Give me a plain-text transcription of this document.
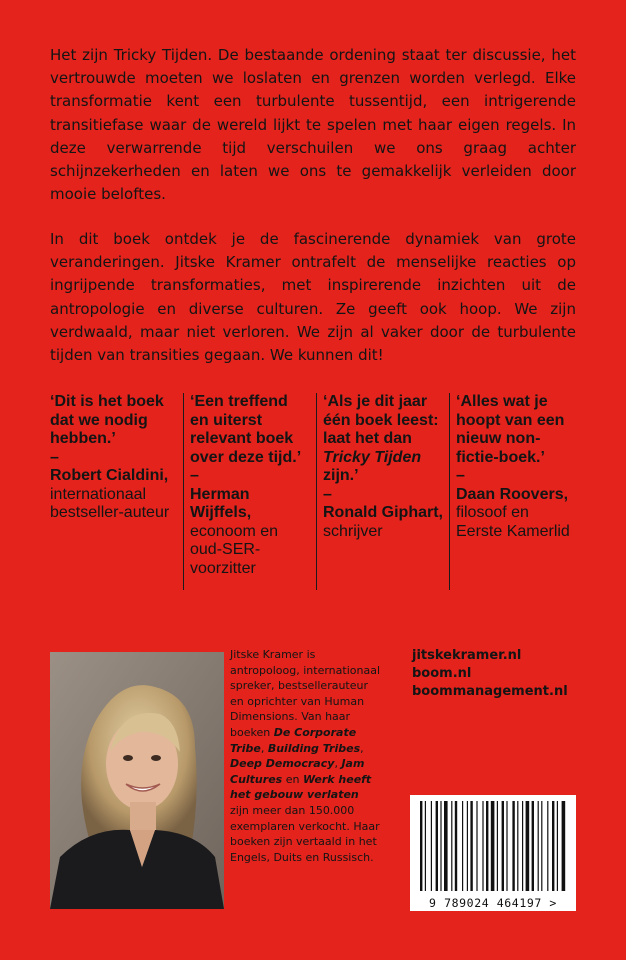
Het zijn Tricky Tijden. De bestaande ordening staat ter discussie, het vertrouwde moeten we loslaten en grenzen worden verlegd. Elke transformatie kent een turbulente tussentijd, een intrigerende transitiefase waar de wereld lijkt te spelen met haar eigen regels. In deze verwarrende tijd verschuilen we ons graag achter schijnzekerheden en laten we ons te gemakkelijk verleiden door mooie beloftes.

In dit boek ontdek je de fascinerende dynamiek van grote veranderingen. Jitske Kramer ontrafelt de menselijke reacties op ingrijpende transformaties, met inspirerende inzichten uit de antropologie en diverse culturen. Ze geeft ook hoop. We zijn verdwaald, maar niet verloren. We zijn al vaker door de turbulente tijden van transities gegaan. We kunnen dit!

‘Dit is het boek dat we nodig hebben.’
–
Robert Cialdini,
internationaal bestseller-auteur
‘Een treffend en uiterst relevant boek over deze tijd.’
–
Herman Wijffels,
econoom en oud-SER-voorzitter
‘Als je dit jaar één boek leest: laat het dan Tricky Tijden zijn.’
–
Ronald Giphart,
schrijver
‘Alles wat je hoopt van een nieuw non-fictie-boek.’
–
Daan Roovers,
filosoof en Eerste Kamerlid

Jitske Kramer is antropoloog, internationaal spreker, bestsellerauteur en oprichter van Human Dimensions. Van haar boeken De Corporate Tribe, Building Tribes, Deep Democracy, Jam Cultures en Werk heeft het gebouw verlaten zijn meer dan 150.000 exemplaren verkocht. Haar boeken zijn vertaald in het Engels, Duits en Russisch.

jitskekramer.nl
boom.nl
boommanagement.nl
9 789024 464197 >
